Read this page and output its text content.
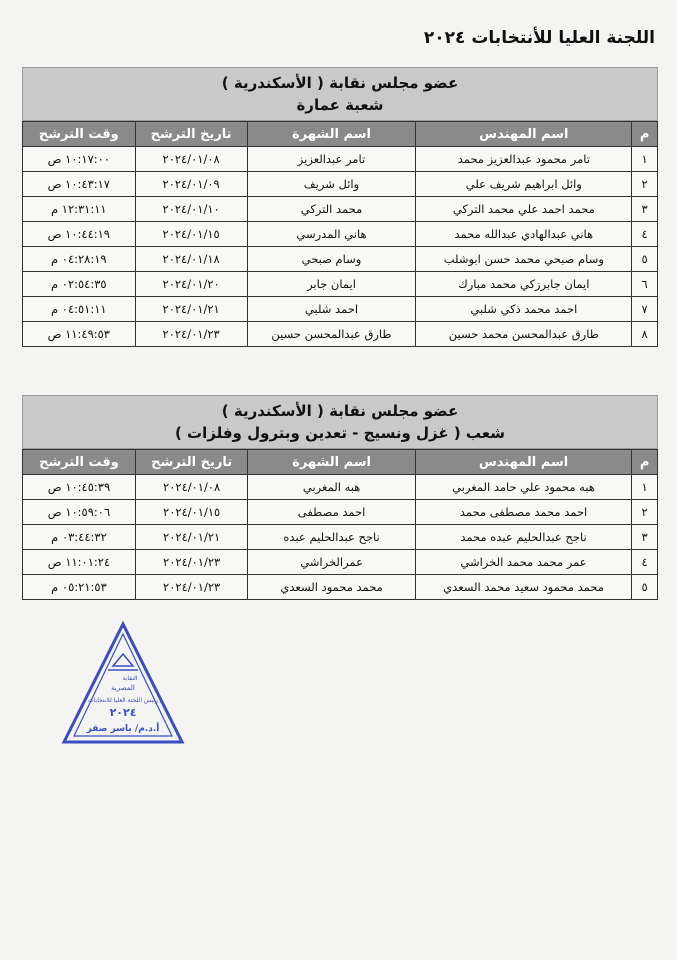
اللجنة العليا للأنتخابات ٢٠٢٤
عضو مجلس نقابة ( الأسكندرية )
شعبة عمارة
م	اسم المهندس	اسم الشهرة	تاريخ الترشح	وقت الترشح
١	تامر محمود عبدالعزيز محمد	تامر عبدالعزيز	٢٠٢٤/٠١/٠٨	١٠:١٧:٠٠ ص
٢	وائل ابراهيم شريف علي	وائل شريف	٢٠٢٤/٠١/٠٩	١٠:٤٣:١٧ ص
٣	محمد احمد علي محمد التركي	محمد التركي	٢٠٢٤/٠١/١٠	١٢:٣١:١١ م
٤	هاني عبدالهادي عبدالله محمد	هاني المدرسي	٢٠٢٤/٠١/١٥	١٠:٤٤:١٩ ص
٥	وسام صبحي محمد حسن ابوشلب	وسام صبحي	٢٠٢٤/٠١/١٨	٠٤:٢٨:١٩ م
٦	ايمان جابرزكي محمد مبارك	ايمان جابر	٢٠٢٤/٠١/٢٠	٠٢:٥٤:٣٥ م
٧	احمد محمد ذكي شلبي	احمد شلبي	٢٠٢٤/٠١/٢١	٠٤:٥١:١١ م
٨	طارق عبدالمحسن محمد حسين	طارق عبدالمحسن حسين	٢٠٢٤/٠١/٢٣	١١:٤٩:٥٣ ص
عضو مجلس نقابة ( الأسكندرية )
شعب ( غزل ونسيج - تعدين وبترول وفلزات )
م	اسم المهندس	اسم الشهرة	تاريخ الترشح	وقت الترشح
١	هبه محمود علي حامد المغربي	هبه المغربي	٢٠٢٤/٠١/٠٨	١٠:٤٥:٣٩ ص
٢	احمد محمد مصطفى محمد	احمد مصطفى	٢٠٢٤/٠١/١٥	١٠:٥٩:٠٦ ص
٣	ناجح عبدالحليم عبده محمد	ناجح عبدالحليم عبده	٢٠٢٤/٠١/٢١	٠٣:٤٤:٣٢ م
٤	عمر محمد محمد الخراشي	عمرالخراشي	٢٠٢٤/٠١/٢٣	١١:٠١:٢٤ ص
٥	محمد محمود سعيد محمد السعدي	محمد محمود السعدي	٢٠٢٤/٠١/٢٣	٠٥:٢١:٥٣ م
النقابة
المصرية
رئيس اللجنة العليا للانتخابات
٢٠٢٤
أ.د.م/ ياسر صقر
